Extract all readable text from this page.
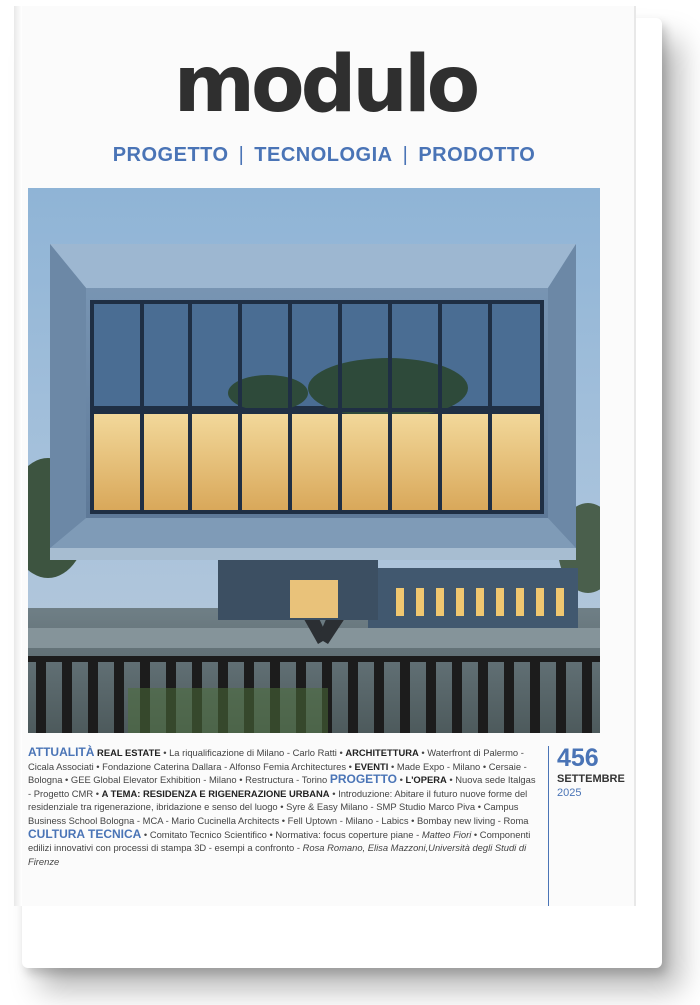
modulo
PROGETTO | TECNOLOGIA | PRODOTTO
ATTUALITÀ REAL ESTATE • La riqualificazione di Milano - Carlo Ratti • ARCHITETTURA • Waterfront di Palermo - Cicala Associati • Fondazione Caterina Dallara - Alfonso Femia Architectures • EVENTI • Made Expo - Milano • Cersaie - Bologna • GEE Global Elevator Exhibition - Milano • Restructura - Torino PROGETTO • L'OPERA • Nuova sede Italgas - Progetto CMR • A TEMA: RESIDENZA E RIGENERAZIONE URBANA • Introduzione: Abitare il futuro nuove forme del residenziale tra rigenerazione, ibridazione e senso del luogo • Syre & Easy Milano - SMP Studio Marco Piva • Campus Business School Bologna - MCA - Mario Cucinella Architects • Fell Uptown - Milano - Labics • Bombay new living - Roma CULTURA TECNICA • Comitato Tecnico Scientifico • Normativa: focus coperture piane - Matteo Fiori • Componenti edilizi innovativi con processi di stampa 3D - esempi a confronto - Rosa Romano, Elisa Mazzoni,Università degli Studi di Firenze
456
SETTEMBRE
2025
